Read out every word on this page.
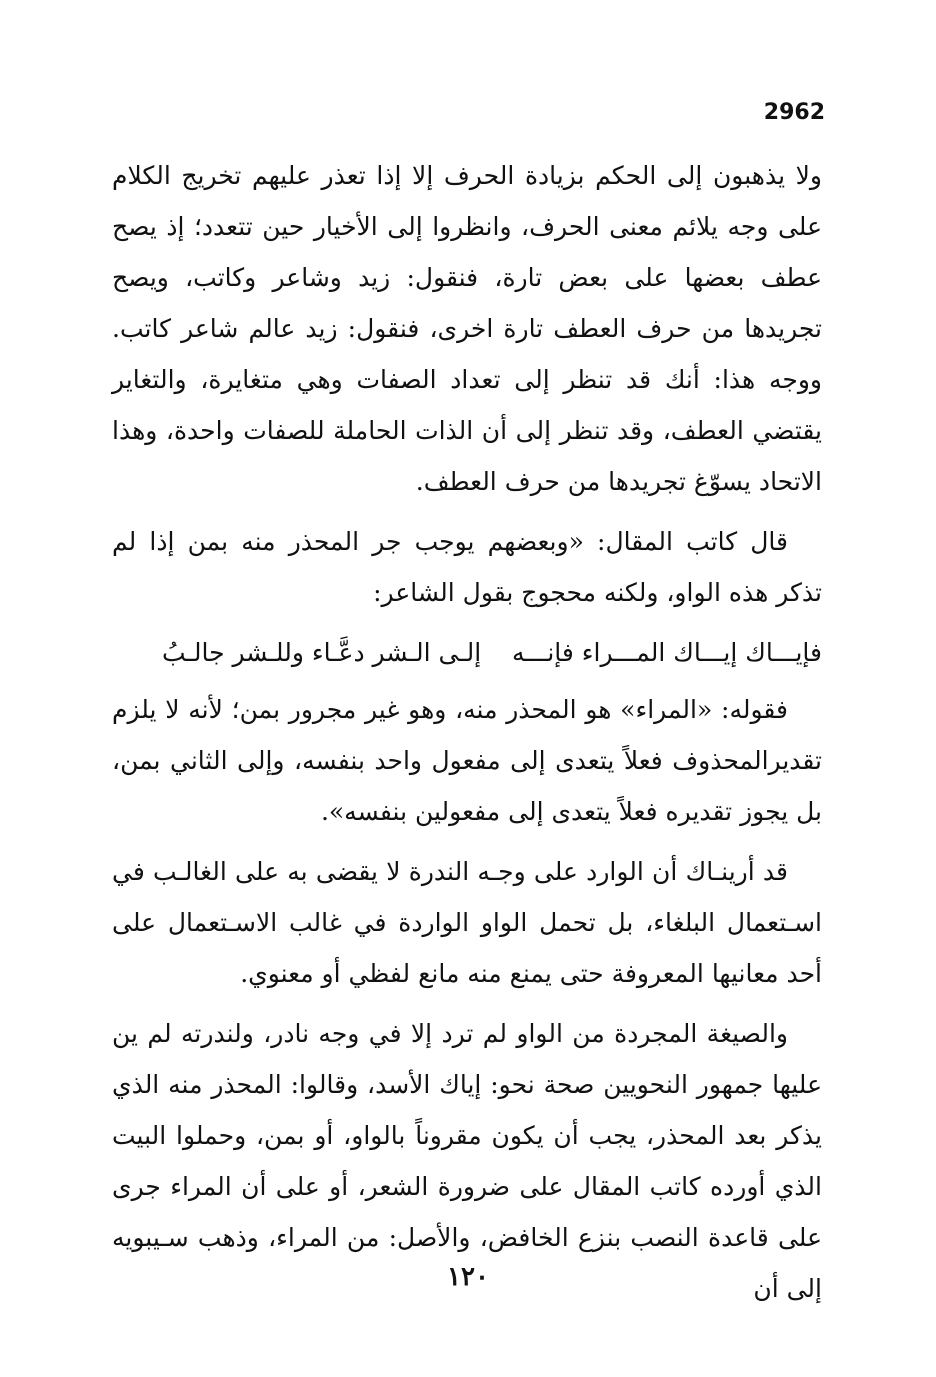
2962

ولا يذهبون إلى الحكم بزيادة الحرف إلا إذا تعذر عليهم تخريج الكلام على وجه يلائم معنى الحرف، وانظروا إلى الأخيار حين تتعدد؛ إذ يصح عطف بعضها على بعض تارة، فنقول: زيد وشاعر وكاتب، ويصح تجريدها من حرف العطف تارة اخرى، فنقول: زيد عالم شاعر كاتب. ووجه هذا: أنك قد تنظر إلى تعداد الصفات وهي متغايرة، والتغاير يقتضي العطف، وقد تنظر إلى أن الذات الحاملة للصفات واحدة، وهذا الاتحاد يسوّغ تجريدها من حرف العطف.

قال كاتب المقال: «وبعضهم يوجب جر المحذر منه بمن إذا لم تذكر هذه الواو، ولكنه محجوج بقول الشاعر:

فإيـــاك إيـــاك المـــراء فإنـــه
إلـى الـشر دعَّـاء وللـشر جالـبُ

فقوله: «المراء» هو المحذر منه، وهو غير مجرور بمن؛ لأنه لا يلزم تقديرالمحذوف فعلاً يتعدى إلى مفعول واحد بنفسه، وإلى الثاني بمن، بل يجوز تقديره فعلاً يتعدى إلى مفعولين بنفسه».

قد أرينـاك أن الوارد على وجـه الندرة لا يقضى به على الغالـب في اسـتعمال البلغاء، بل تحمل الواو الواردة في غالب الاسـتعمال على أحد معانيها المعروفة حتى يمنع منه مانع لفظي أو معنوي.

والصيغة المجردة من الواو لم ترد إلا في وجه نادر، ولندرته لم ين عليها جمهور النحويين صحة نحو: إياك الأسد، وقالوا: المحذر منه الذي يذكر بعد المحذر، يجب أن يكون مقروناً بالواو، أو بمن، وحملوا البيت الذي أورده كاتب المقال على ضرورة الشعر، أو على أن المراء جرى على قاعدة النصب بنزع الخافض، والأصل: من المراء، وذهب سـيبويه إلى أن

١٢٠
